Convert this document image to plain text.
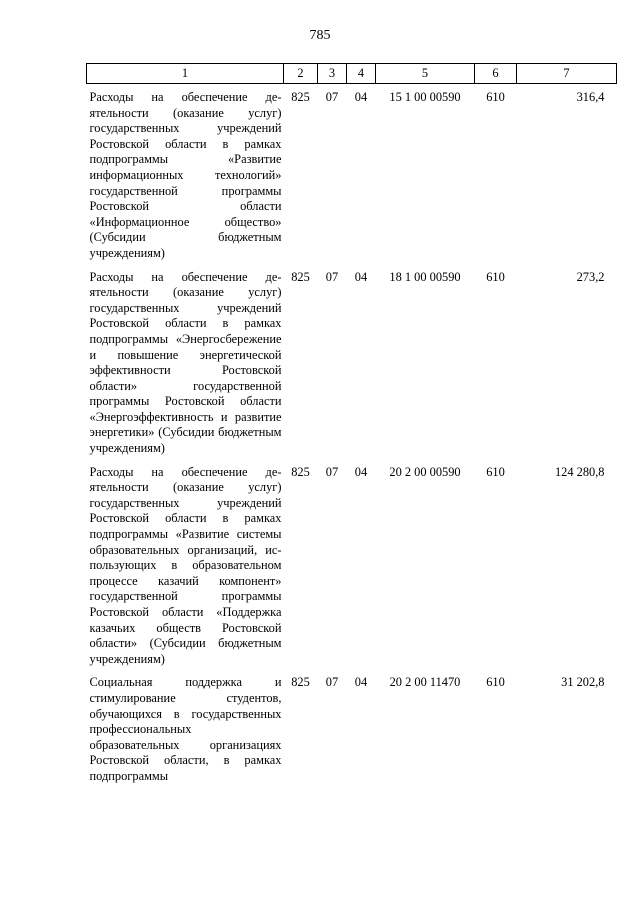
785
1	2	3	4	5	6	7
Расходы на обеспечение деятельности (оказание услуг) государственных учреждений Ростовской области в рамках подпрограммы «Развитие информационных технологий» государственной программы Ростовской области «Информационное общество» (Субсидии бюджетным учреждениям)	825	07	04	15 1 00 00590	610	316,4
Расходы на обеспечение деятельности (оказание услуг) государственных учреждений Ростовской области в рамках подпрограммы «Энергосбережение и повышение энергетической эффективности Ростовской области» государственной программы Ростовской области «Энергоэффективность и развитие энергетики» (Субсидии бюджетным учреждениям)	825	07	04	18 1 00 00590	610	273,2
Расходы на обеспечение деятельности (оказание услуг) государственных учреждений Ростовской области в рамках подпрограммы «Развитие системы образовательных организаций, использующих в образовательном процессе казачий компонент» государственной программы Ростовской области «Поддержка казачьих обществ Ростовской области» (Субсидии бюджетным учреждениям)	825	07	04	20 2 00 00590	610	124 280,8
Социальная поддержка и стимулирование студентов, обучающихся в государственных профессиональных образовательных организациях Ростовской области, в рамках подпрограммы	825	07	04	20 2 00 11470	610	31 202,8
